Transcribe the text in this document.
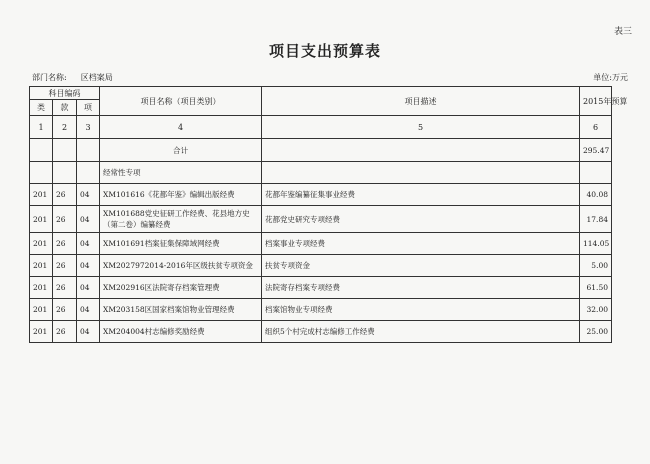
表三
项目支出预算表
部门名称: 区档案局	单位:万元
科目编码			项目名称（项目类别）	项目描述	2015年预算
类	款	项			
1	2	3	4	5	6
			合计		295.47
			经常性专项		
201	26	04	XM101616《花都年鉴》编辑出版经费	花都年鉴编纂征集事业经费	40.08
201	26	04	XM101688党史征研工作经费、花县地方史（第二卷）编纂经费	花都党史研究专项经费	17.84
201	26	04	XM101691档案征集保障域网经费	档案事业专项经费	114.05
201	26	04	XM2027972014-2016年区级扶贫专项资金	扶贫专项资金	5.00
201	26	04	XM202916区法院寄存档案管理费	法院寄存档案专项经费	61.50
201	26	04	XM203158区国家档案馆物业管理经费	档案馆物业专项经费	32.00
201	26	04	XM204004村志编修奖励经费	组织5个村完成村志编修工作经费	25.00
